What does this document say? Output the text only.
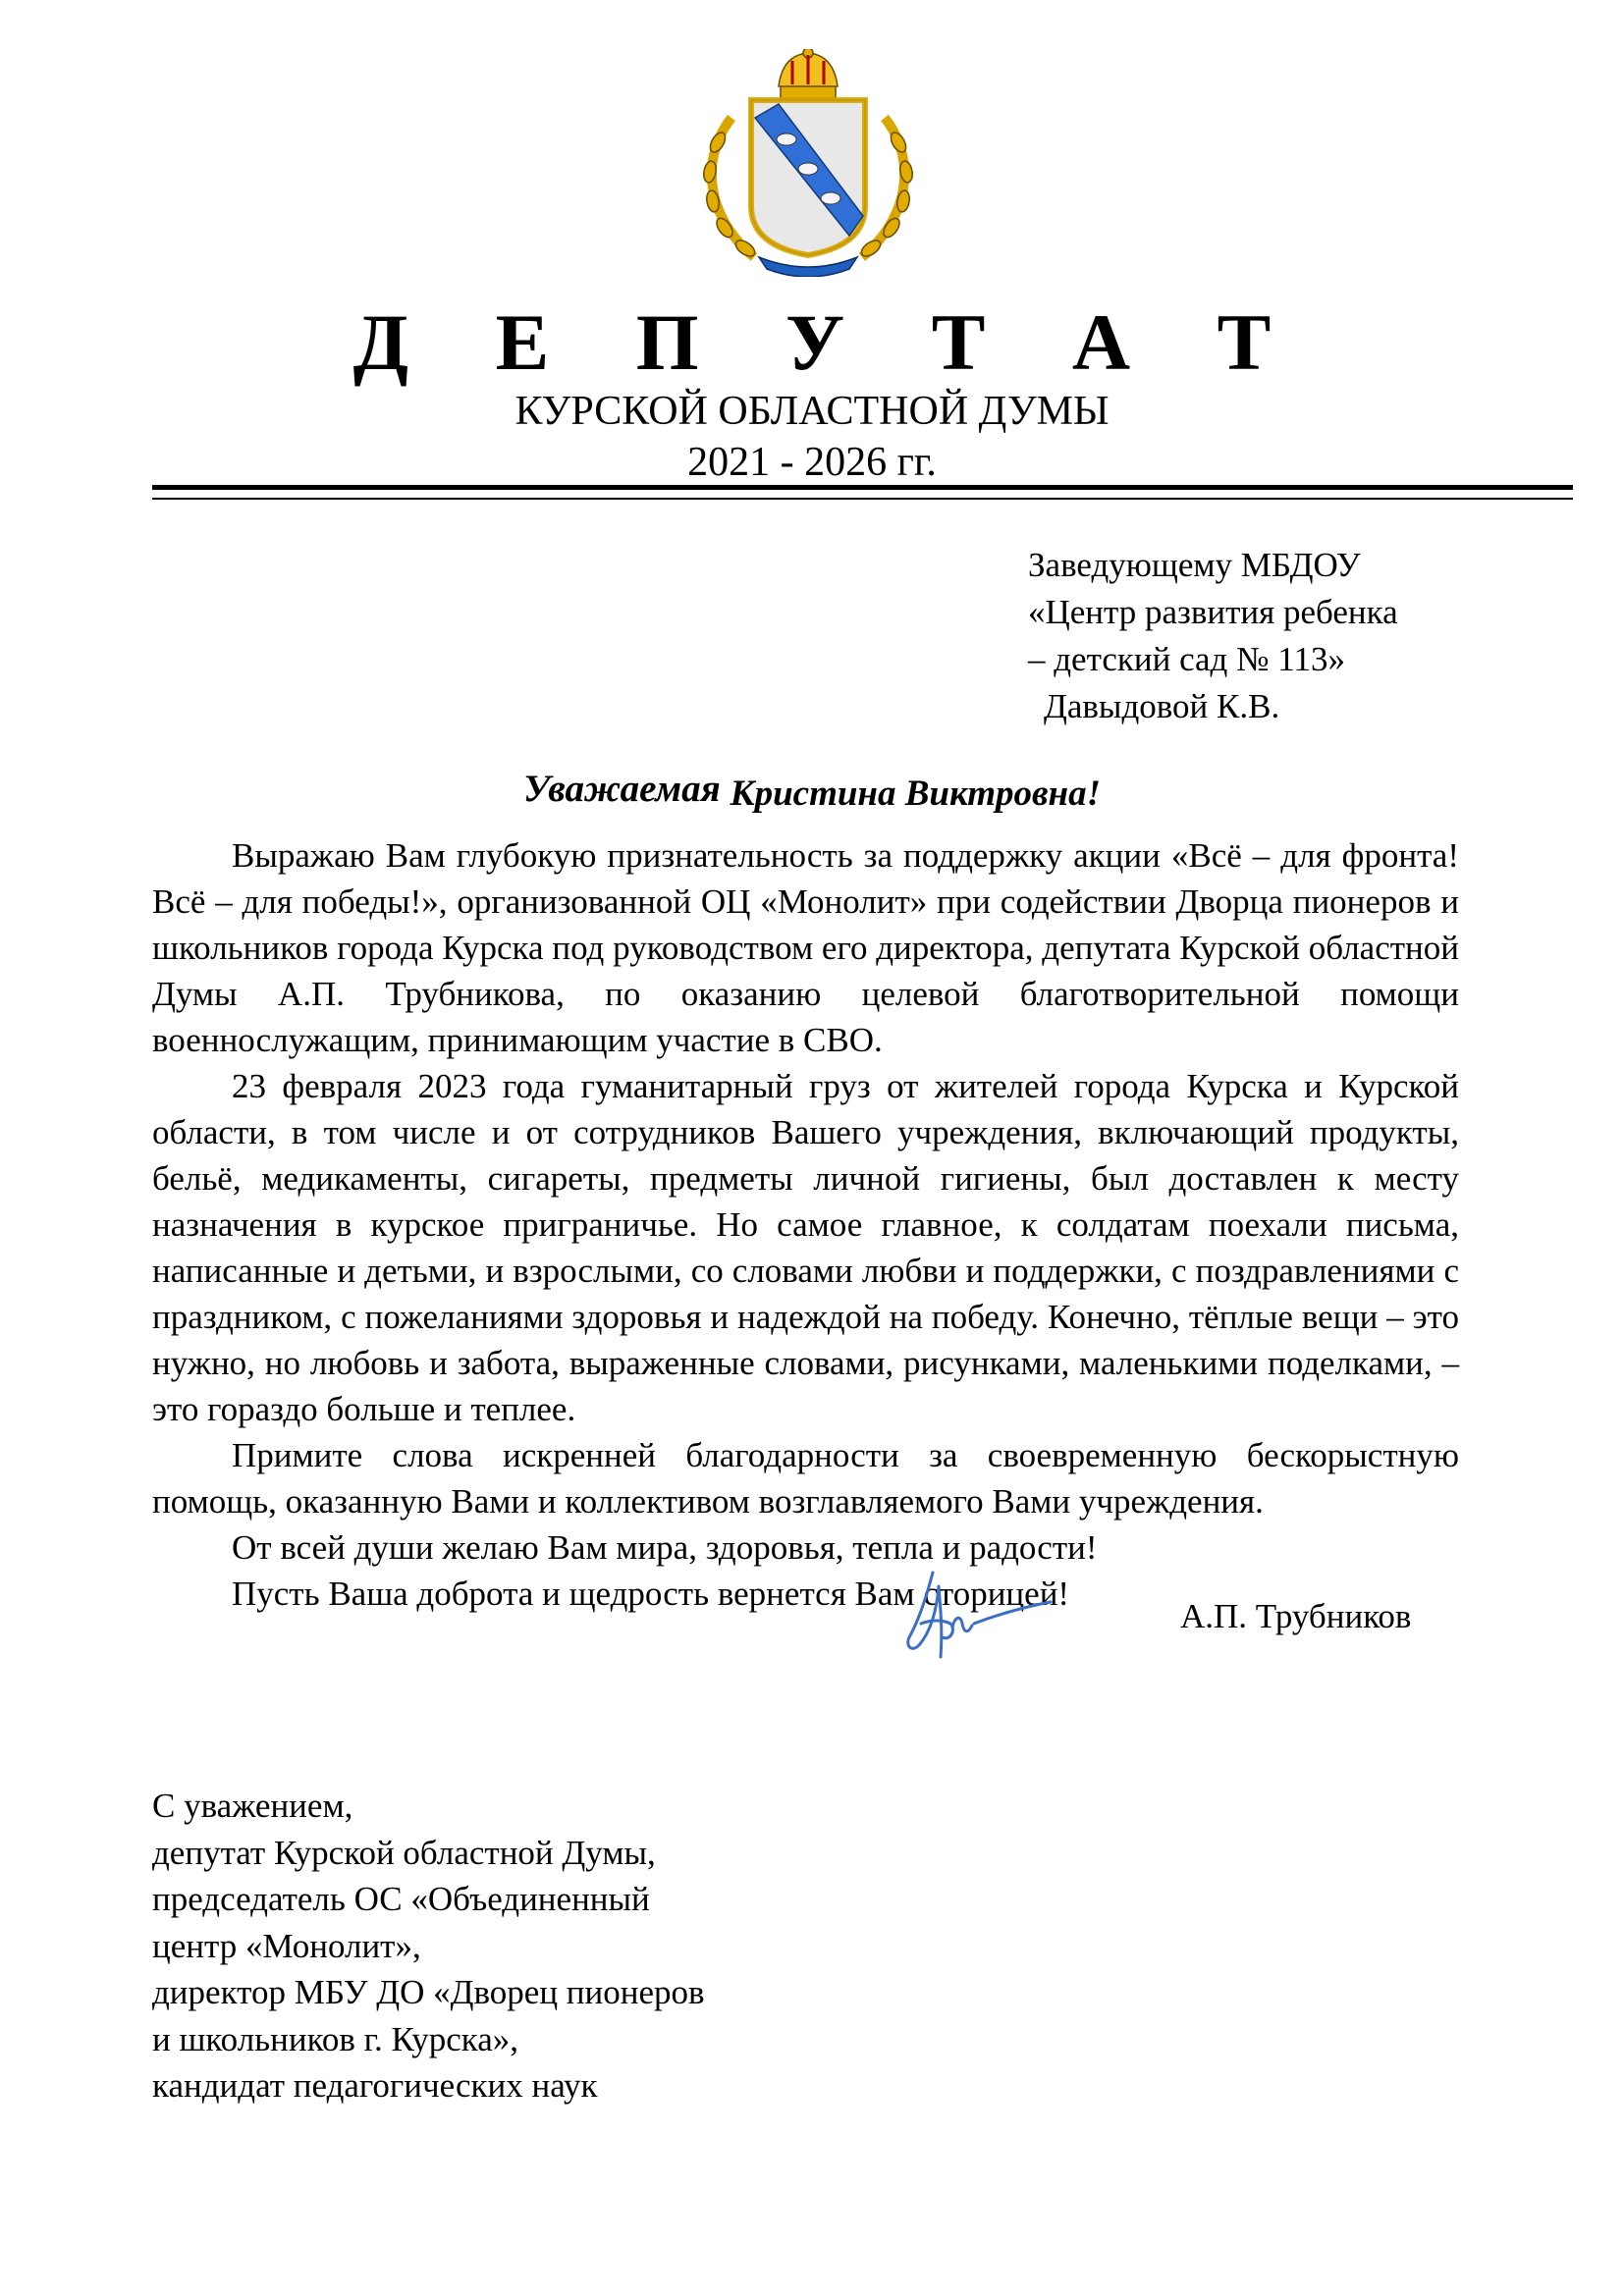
Д Е П У Т А Т
КУРСКОЙ ОБЛАСТНОЙ ДУМЫ
2021 - 2026 гг.
Заведующему МБДОУ
«Центр развития ребенка
– детский сад № 113»
Давыдовой К.В.
Уважаемая Кристина Виктровна!

Выражаю Вам глубокую признательность за поддержку акции «Всё – для фронта! Всё – для победы!», организованной ОЦ «Монолит» при содействии Дворца пионеров и школьников города Курска под руководством его директора, депутата Курской областной Думы А.П. Трубникова, по оказанию целевой благотворительной помощи военнослужащим, принимающим участие в СВО.

23 февраля 2023 года гуманитарный груз от жителей города Курска и Курской области, в том числе и от сотрудников Вашего учреждения, включающий продукты, бельё, медикаменты, сигареты, предметы личной гигиены, был доставлен к месту назначения в курское приграничье. Но самое главное, к солдатам поехали письма, написанные и детьми, и взрослыми, со словами любви и поддержки, с поздравлениями с праздником, с пожеланиями здоровья и надеждой на победу. Конечно, тёплые вещи – это нужно, но любовь и забота, выраженные словами, рисунками, маленькими поделками, – это гораздо больше и теплее.

Примите слова искренней благодарности за своевременную бескорыстную помощь, оказанную Вами и коллективом возглавляемого Вами учреждения.

От всей души желаю Вам мира, здоровья, тепла и радости!

Пусть Ваша доброта и щедрость вернется Вам сторицей!

С уважением,
депутат Курской областной Думы,
председатель ОС «Объединенный
центр «Монолит»,
директор МБУ ДО «Дворец пионеров
и школьников г. Курска»,
кандидат педагогических наук
А.П. Трубников
